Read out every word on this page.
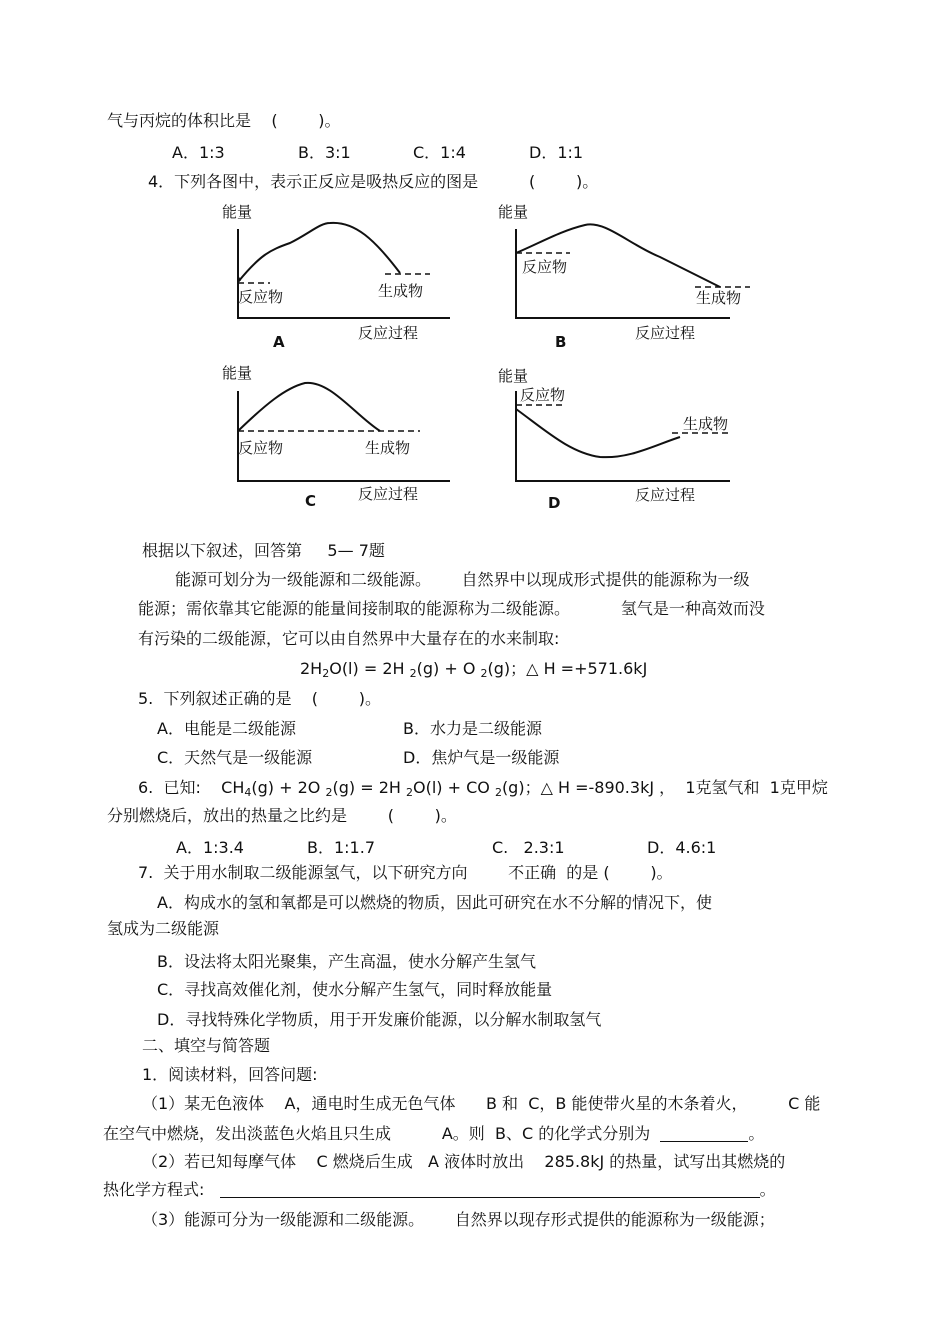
气与丙烷的体积比是    (        )。
A．1:3	B．3:1	C．1:4	D．1:1
4．下列各图中，表示正反应是吸热反应的图是          (        )。
能量
反应物	生成物
反应过程
A
能量
反应物
生成物
反应过程
B
能量
反应物	生成物
反应过程
C
能量
反应物
生成物
反应过程
D
根据以下叙述，回答第     5— 7题
能源可划分为一级能源和二级能源。      自然界中以现成形式提供的能源称为一级
能源；需依靠其它能源的能量间接制取的能源称为二级能源。          氢气是一种高效而没
有污染的二级能源，它可以由自然界中大量存在的水来制取:
$2H_2O(l) = 2H$ $_2$(g) + O $_2$(g)；△ H =+571.6kJ
5.  下列叙述正确的是    (        )。
A．电能是二级能源	B．水力是二级能源
C．天然气是一级能源	D．焦炉气是一级能源
6.  已知:    $CH_4(g) + 2O$ $_2$(g) = 2H $_2$O(l) + CO $_2$(g)；△ H =-890.3kJ ，  1克氢气和  1克甲烷
分别燃烧后，放出的热量之比约是        (        )。
A．1:3.4	B．1:1.7	C.   2.3:1	D．4.6:1
7.  关于用水制取二级能源氢气，以下研究方向        不正确  的是 (        )。
A．构成水的氢和氧都是可以燃烧的物质，因此可研究在水不分解的情况下，使
氢成为二级能源
B．设法将太阳光聚集，产生高温，使水分解产生氢气
C．寻找高效催化剂，使水分解产生氢气，同时释放能量
D．寻找特殊化学物质，用于开发廉价能源，以分解水制取氢气
二、填空与简答题
1．阅读材料，回答问题:
（1）某无色液体    A，通电时生成无色气体      B 和  C，B 能使带火星的木条着火，        C 能
在空气中燃烧，发出淡蓝色火焰且只生成          A。则  B、C 的化学式分别为	。
（2）若已知每摩气体    C 燃烧后生成   A 液体时放出    285.8kJ 的热量，试写出其燃烧的
热化学方程式:	。
（3）能源可分为一级能源和二级能源。      自然界以现存形式提供的能源称为一级能源；
